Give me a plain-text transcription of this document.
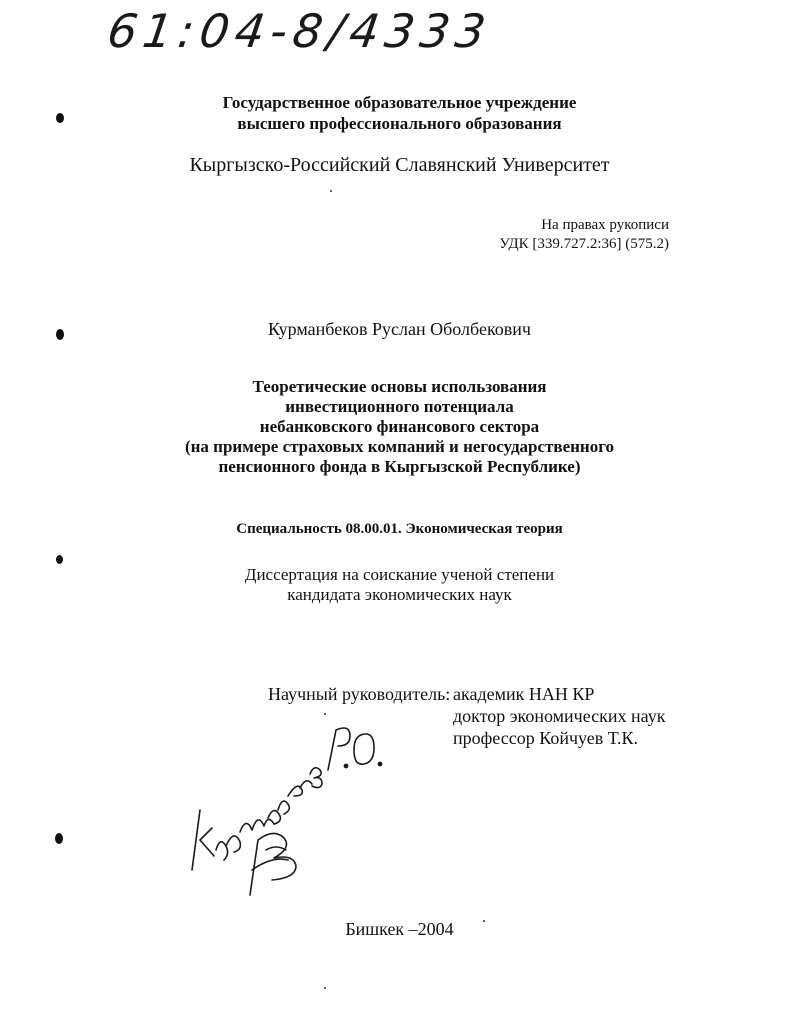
61:04-8/4333
Государственное образовательное учреждение
высшего профессионального образования
Кыргызско-Российский Славянский Университет
На правах рукописи
УДК [339.727.2:36] (575.2)
Курманбеков Руслан Оболбекович
Теоретические основы использования
инвестиционного потенциала
небанковского финансового сектора
(на примере страховых компаний и негосударственного
пенсионного фонда в Кыргызской Республике)
Специальность 08.00.01. Экономическая теория
Диссертация на соискание ученой степени
кандидата экономических наук
Научный руководитель: академик НАН КР
доктор экономических наук
профессор Койчуев Т.К.
Бишкек –2004
